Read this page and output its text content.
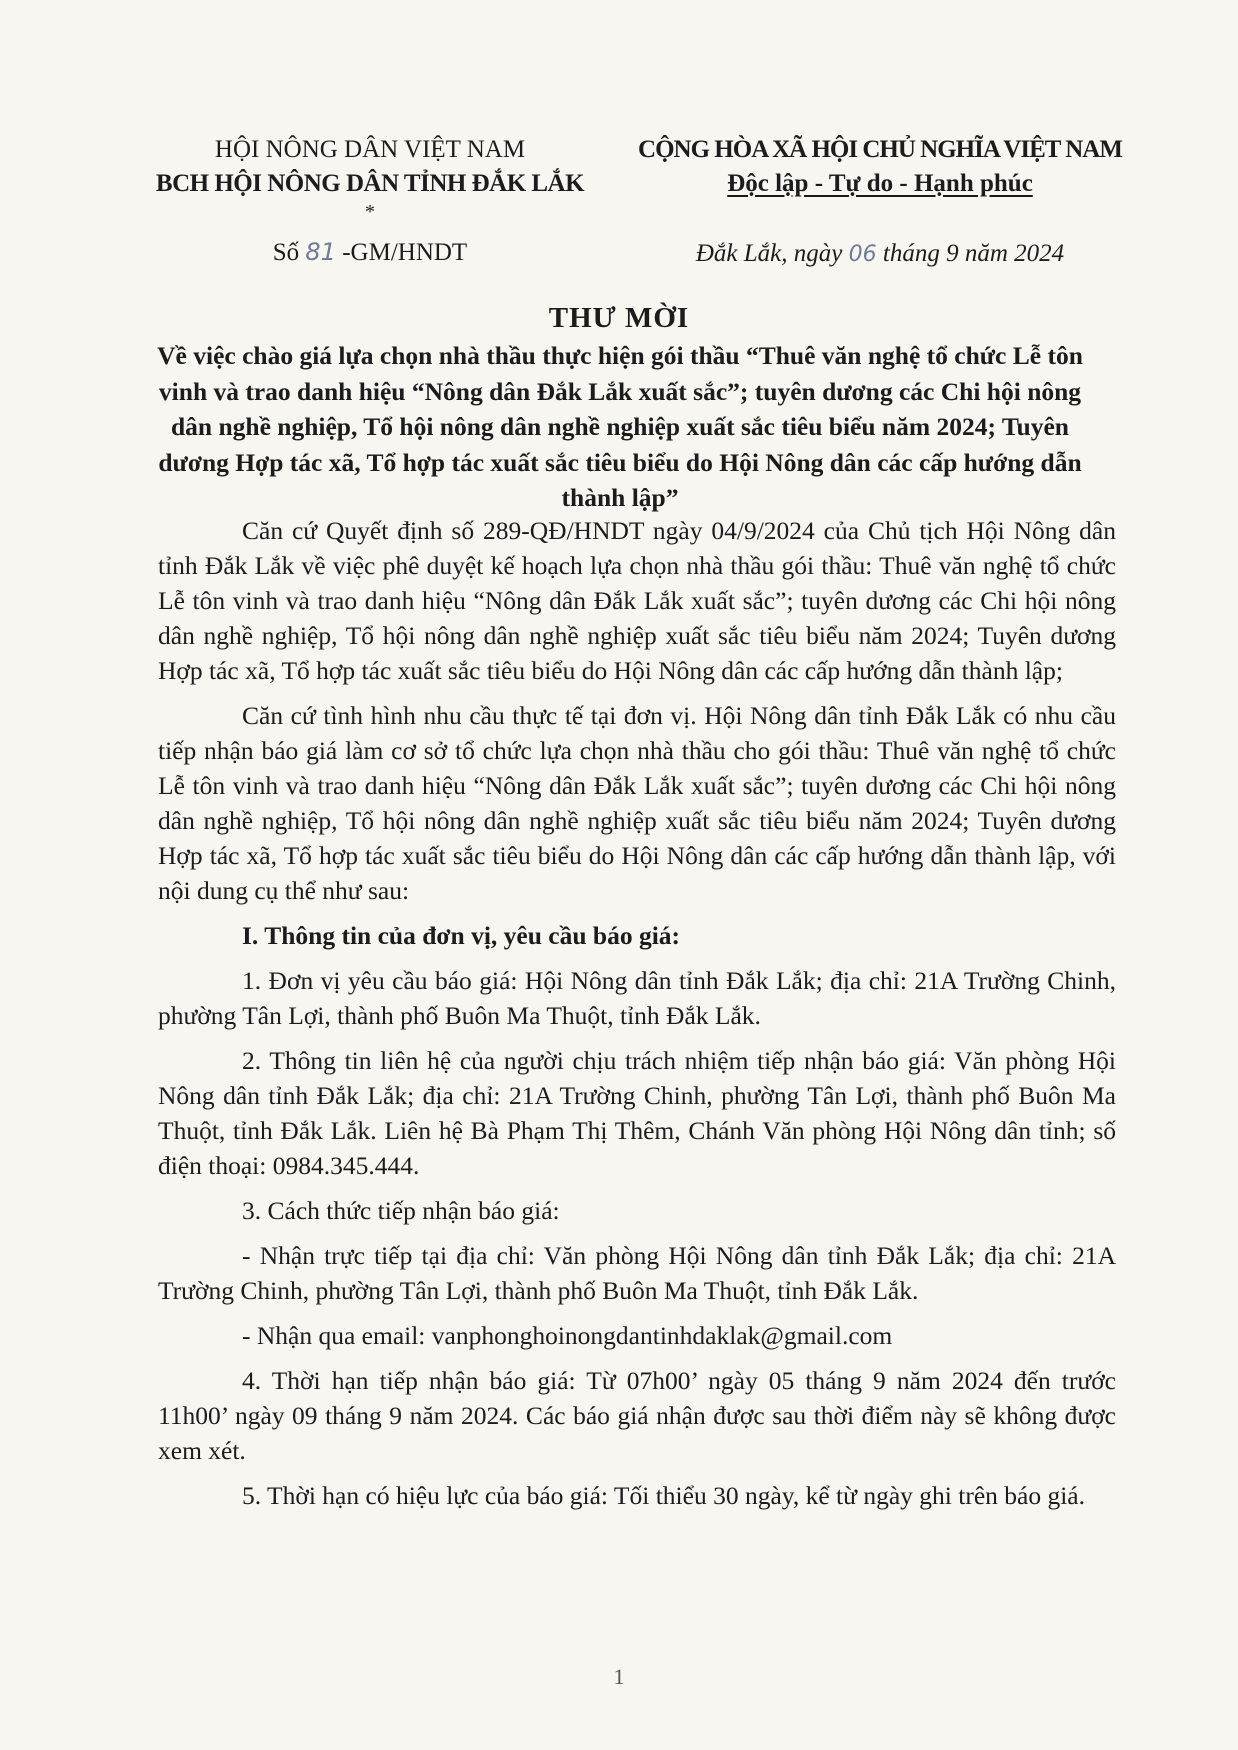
HỘI NÔNG DÂN VIỆT NAM
BCH HỘI NÔNG DÂN TỈNH ĐẮK LẮK
*
CỘNG HÒA XÃ HỘI CHỦ NGHĨA VIỆT NAM
Độc lập - Tự do - Hạnh phúc
Số 81 -GM/HNDT	Đắk Lắk, ngày 06 tháng 9 năm 2024
THƯ MỜI
Về việc chào giá lựa chọn nhà thầu thực hiện gói thầu “Thuê văn nghệ tổ chức Lễ tôn vinh và trao danh hiệu “Nông dân Đắk Lắk xuất sắc”; tuyên dương các Chi hội nông dân nghề nghiệp, Tổ hội nông dân nghề nghiệp xuất sắc tiêu biểu năm 2024; Tuyên dương Hợp tác xã, Tổ hợp tác xuất sắc tiêu biểu do Hội Nông dân các cấp hướng dẫn thành lập”

Căn cứ Quyết định số 289-QĐ/HNDT ngày 04/9/2024 của Chủ tịch Hội Nông dân tỉnh Đắk Lắk về việc phê duyệt kế hoạch lựa chọn nhà thầu gói thầu: Thuê văn nghệ tổ chức Lễ tôn vinh và trao danh hiệu “Nông dân Đắk Lắk xuất sắc”; tuyên dương các Chi hội nông dân nghề nghiệp, Tổ hội nông dân nghề nghiệp xuất sắc tiêu biểu năm 2024; Tuyên dương Hợp tác xã, Tổ hợp tác xuất sắc tiêu biểu do Hội Nông dân các cấp hướng dẫn thành lập;

Căn cứ tình hình nhu cầu thực tế tại đơn vị. Hội Nông dân tỉnh Đắk Lắk có nhu cầu tiếp nhận báo giá làm cơ sở tổ chức lựa chọn nhà thầu cho gói thầu: Thuê văn nghệ tổ chức Lễ tôn vinh và trao danh hiệu “Nông dân Đắk Lắk xuất sắc”; tuyên dương các Chi hội nông dân nghề nghiệp, Tổ hội nông dân nghề nghiệp xuất sắc tiêu biểu năm 2024; Tuyên dương Hợp tác xã, Tổ hợp tác xuất sắc tiêu biểu do Hội Nông dân các cấp hướng dẫn thành lập, với nội dung cụ thể như sau:

I. Thông tin của đơn vị, yêu cầu báo giá:

1. Đơn vị yêu cầu báo giá: Hội Nông dân tỉnh Đắk Lắk; địa chỉ: 21A Trường Chinh, phường Tân Lợi, thành phố Buôn Ma Thuột, tỉnh Đắk Lắk.

2. Thông tin liên hệ của người chịu trách nhiệm tiếp nhận báo giá: Văn phòng Hội Nông dân tỉnh Đắk Lắk; địa chỉ: 21A Trường Chinh, phường Tân Lợi, thành phố Buôn Ma Thuột, tỉnh Đắk Lắk. Liên hệ Bà Phạm Thị Thêm, Chánh Văn phòng Hội Nông dân tỉnh; số điện thoại: 0984.345.444.

3. Cách thức tiếp nhận báo giá:

- Nhận trực tiếp tại địa chỉ: Văn phòng Hội Nông dân tỉnh Đắk Lắk; địa chỉ: 21A Trường Chinh, phường Tân Lợi, thành phố Buôn Ma Thuột, tỉnh Đắk Lắk.

- Nhận qua email: vanphonghoinongdantinhdaklak@gmail.com

4. Thời hạn tiếp nhận báo giá: Từ 07h00’ ngày 05 tháng 9 năm 2024 đến trước 11h00’ ngày 09 tháng 9 năm 2024. Các báo giá nhận được sau thời điểm này sẽ không được xem xét.

5. Thời hạn có hiệu lực của báo giá: Tối thiểu 30 ngày, kể từ ngày ghi trên báo giá.

1
